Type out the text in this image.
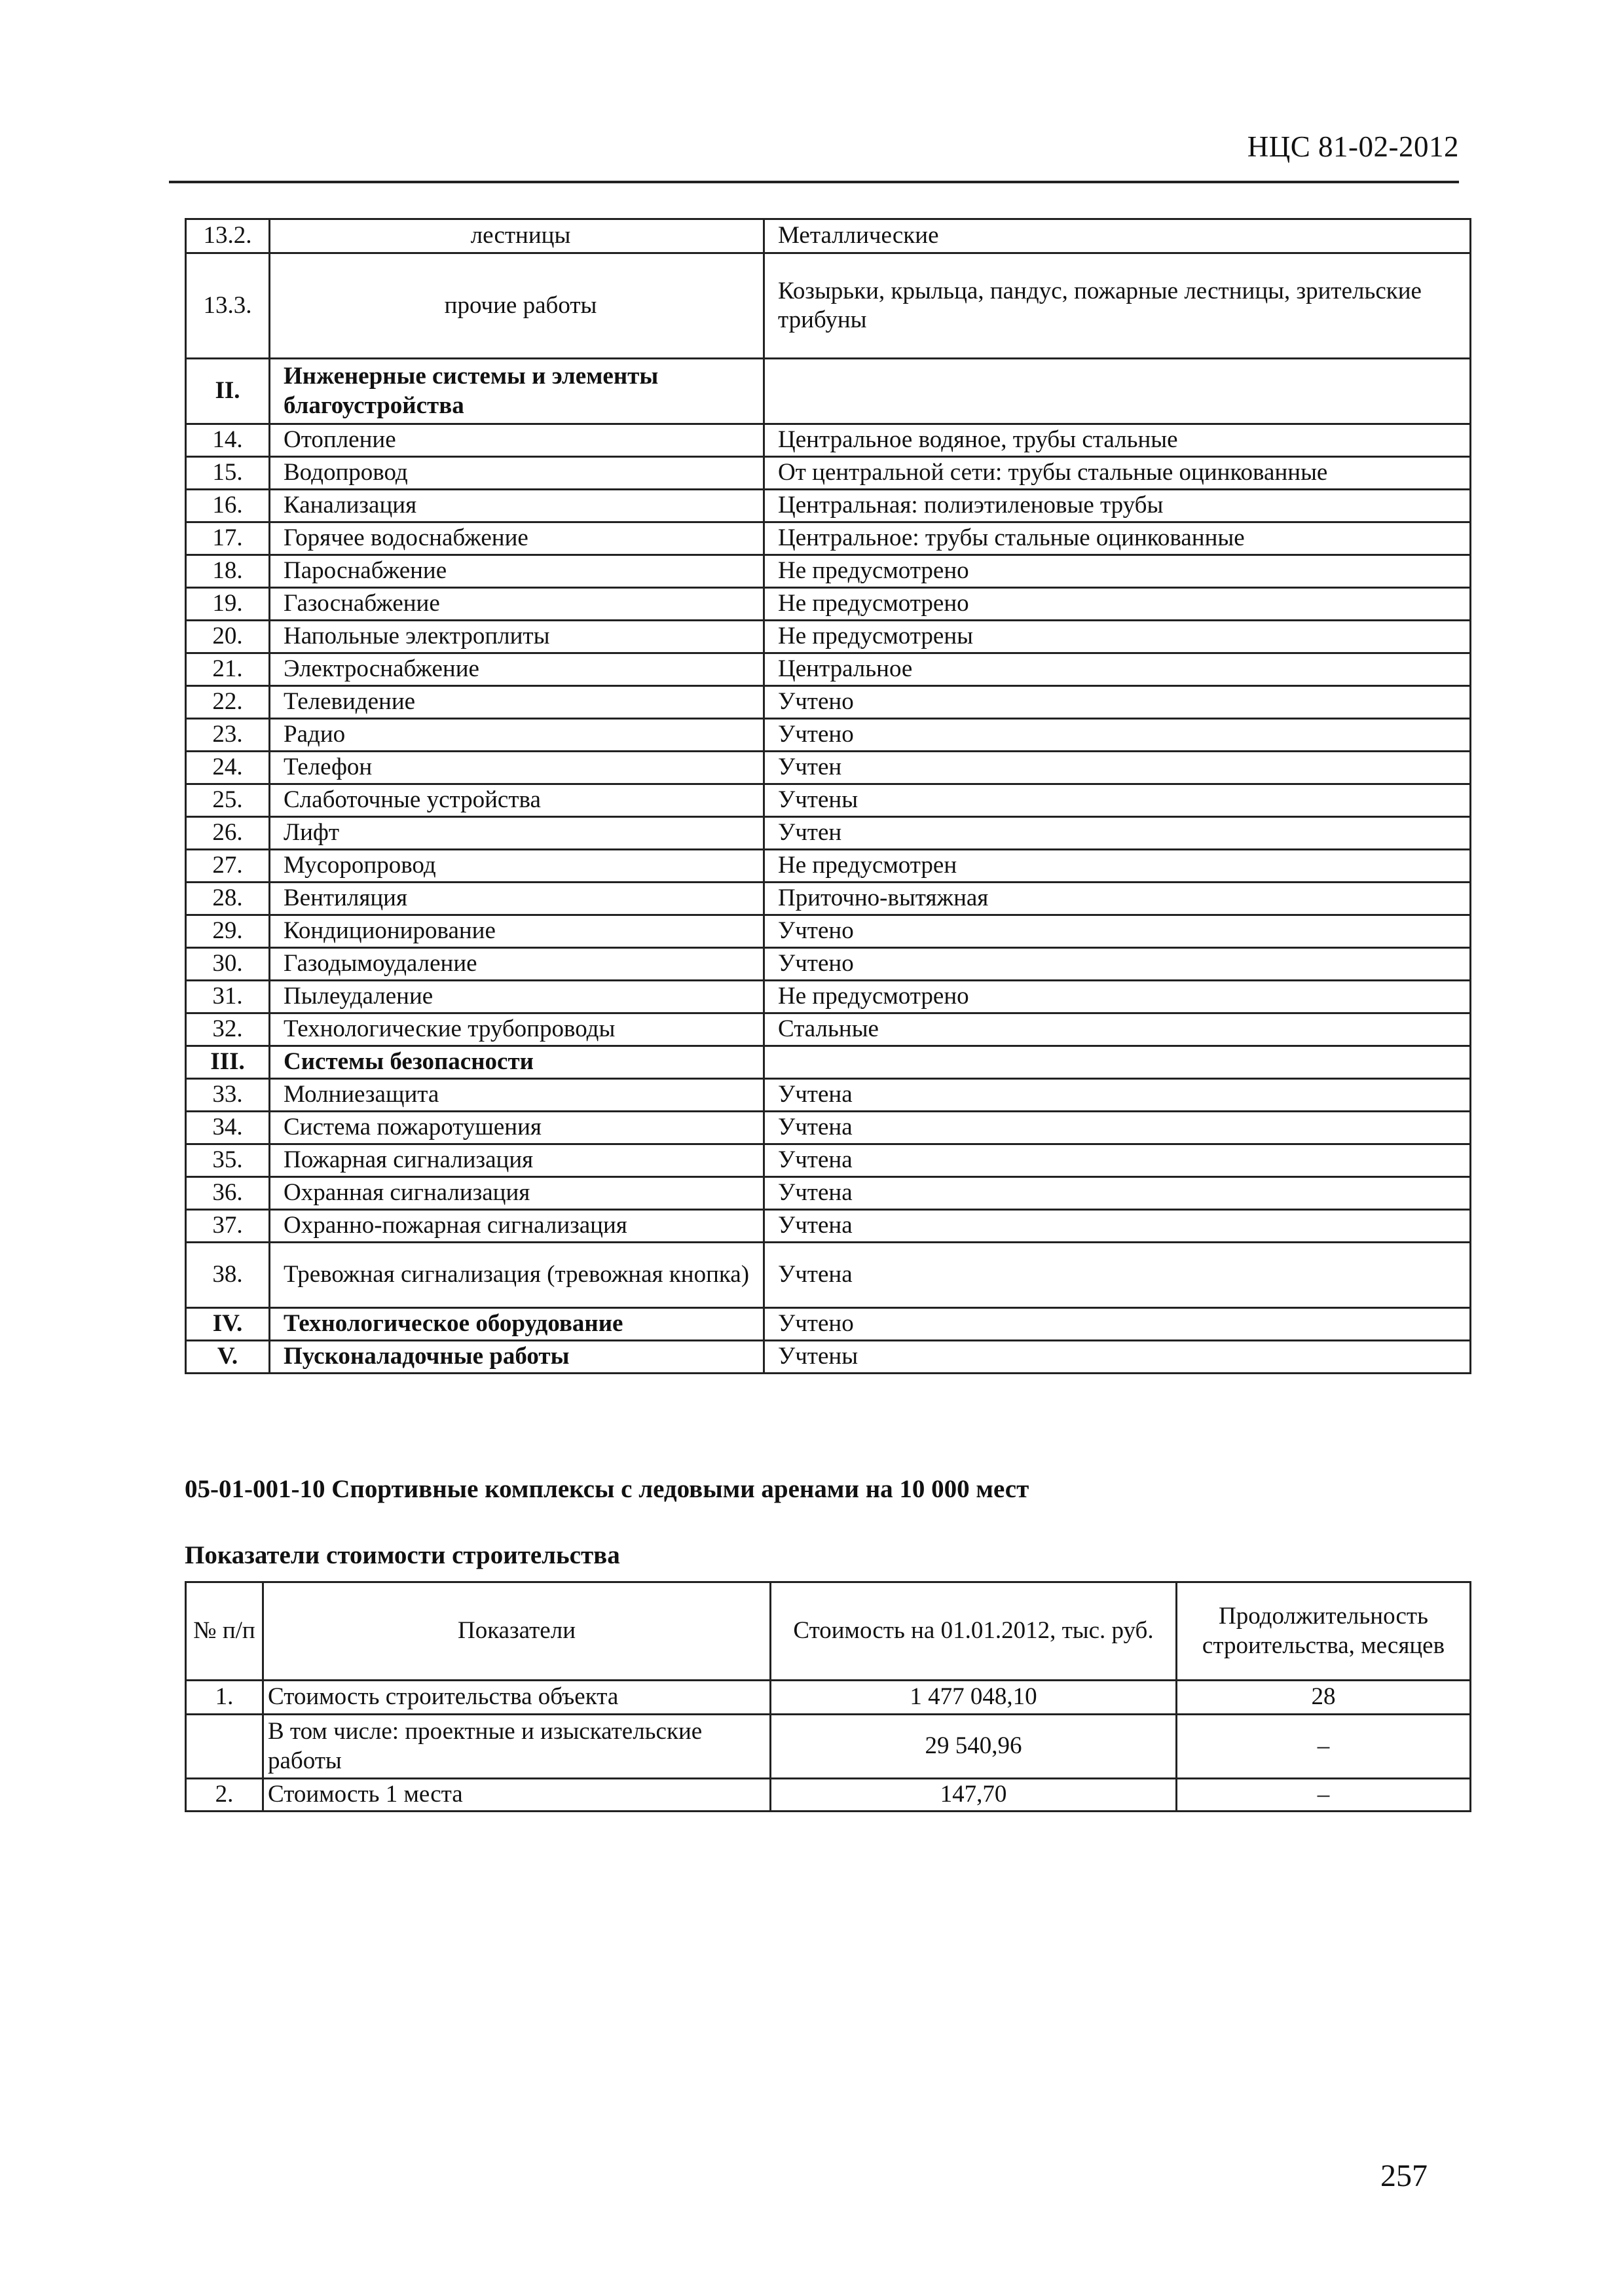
НЦС 81-02-2012
13.2.	лестницы	Металлические
13.3.	прочие работы	Козырьки, крыльца, пандус, пожарные лестницы, зрительские трибуны
II.	Инженерные системы и элементы благоустройства	
14.	Отопление	Центральное водяное, трубы стальные
15.	Водопровод	От центральной сети: трубы стальные оцинкованные
16.	Канализация	Центральная: полиэтиленовые трубы
17.	Горячее водоснабжение	Центральное: трубы стальные оцинкованные
18.	Пароснабжение	Не предусмотрено
19.	Газоснабжение	Не предусмотрено
20.	Напольные электроплиты	Не предусмотрены
21.	Электроснабжение	Центральное
22.	Телевидение	Учтено
23.	Радио	Учтено
24.	Телефон	Учтен
25.	Слаботочные устройства	Учтены
26.	Лифт	Учтен
27.	Мусоропровод	Не предусмотрен
28.	Вентиляция	Приточно-вытяжная
29.	Кондиционирование	Учтено
30.	Газодымоудаление	Учтено
31.	Пылеудаление	Не предусмотрено
32.	Технологические трубопроводы	Стальные
III.	Системы безопасности	
33.	Молниезащита	Учтена
34.	Система пожаротушения	Учтена
35.	Пожарная сигнализация	Учтена
36.	Охранная сигнализация	Учтена
37.	Охранно-пожарная сигнализация	Учтена
38.	Тревожная сигнализация (тревожная кнопка)	Учтена
IV.	Технологическое оборудование	Учтено
V.	Пусконаладочные работы	Учтены
05-01-001-10 Спортивные комплексы с ледовыми аренами на 10 000 мест
Показатели стоимости строительства
№ п/п	Показатели	Стоимость на 01.01.2012, тыс. руб.	Продолжительность строительства, месяцев
1.	Стоимость строительства объекта	1 477 048,10	28
	В том числе: проектные и изыскательские работы	29 540,96	–
2.	Стоимость 1 места	147,70	–
257
